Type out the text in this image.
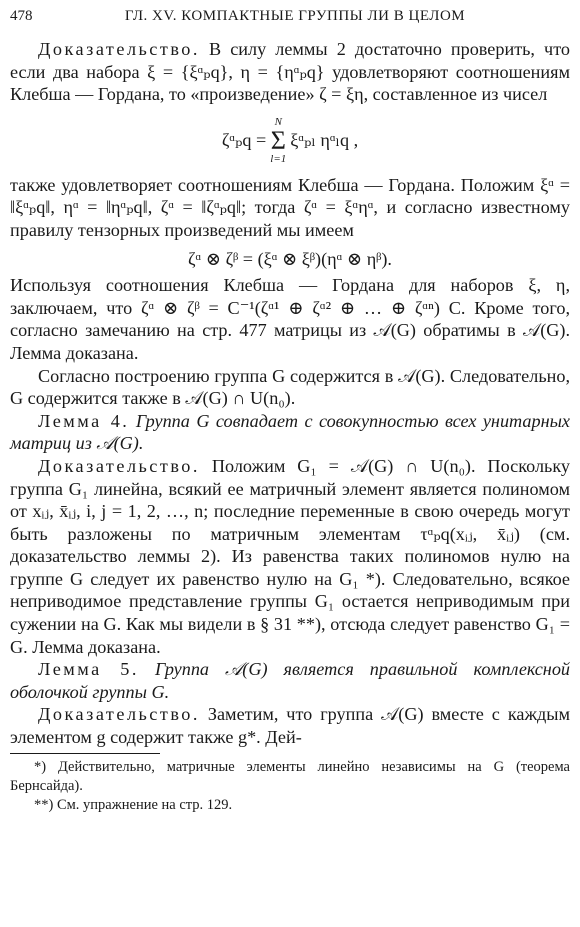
478	ГЛ. XV. КОМПАКТНЫЕ ГРУППЫ ЛИ В ЦЕЛОМ

Доказательство. В силу леммы 2 достаточно проверить, что если два набора ξ = {ξᵅₚq}, η = {ηᵅₚq} удовлетворяют соотношениям Клебша — Гордана, то «произведение» ζ = ξη, составленное из чисел

ζᵅₚq =
N
Σ
l=1
ξᵅₚₗ ηᵅₗq ,

также удовлетворяет соотношениям Клебша — Гордана. Положим ξᵅ = ‖ξᵅₚq‖, ηᵅ = ‖ηᵅₚq‖, ζᵅ = ‖ζᵅₚq‖; тогда ζᵅ = ξᵅηᵅ, и согласно известному правилу тензорных произведений мы имеем

ζᵅ ⊗ ζᵝ = (ξᵅ ⊗ ξᵝ)(ηᵅ ⊗ ηᵝ).

Используя соотношения Клебша — Гордана для наборов ξ, η, заключаем, что ζᵅ ⊗ ζᵝ = C⁻¹(ζᵅ¹ ⊕ ζᵅ² ⊕ … ⊕ ζᵅⁿ) C. Кроме того, согласно замечанию на стр. 477 матрицы из 𝒜(G) обратимы в 𝒜(G). Лемма доказана.

Согласно построению группа G содержится в 𝒜(G). Следовательно, G содержится также в 𝒜(G) ∩ U(n₀).

Лемма 4. Группа G совпадает с совокупностью всех унитарных матриц из 𝒜(G).

Доказательство. Положим G₁ = 𝒜(G) ∩ U(n₀). Поскольку группа G₁ линейна, всякий ее матричный элемент является полиномом от xᵢⱼ, x̄ᵢⱼ, i, j = 1, 2, …, n; последние переменные в свою очередь могут быть разложены по матричным элементам τᵅₚq(xᵢⱼ, x̄ᵢⱼ) (см. доказательство леммы 2). Из равенства таких полиномов нулю на группе G следует их равенство нулю на G₁ *). Следовательно, всякое неприводимое представление группы G₁ остается неприводимым при сужении на G. Как мы видели в § 31 **), отсюда следует равенство G₁ = G. Лемма доказана.

Лемма 5. Группа 𝒜(G) является правильной комплексной оболочкой группы G.

Доказательство. Заметим, что группа 𝒜(G) вместе с каждым элементом g содержит также g*. Дей-

*) Действительно, матричные элементы линейно независимы на G (теорема Бернсайда).

**) См. упражнение на стр. 129.
